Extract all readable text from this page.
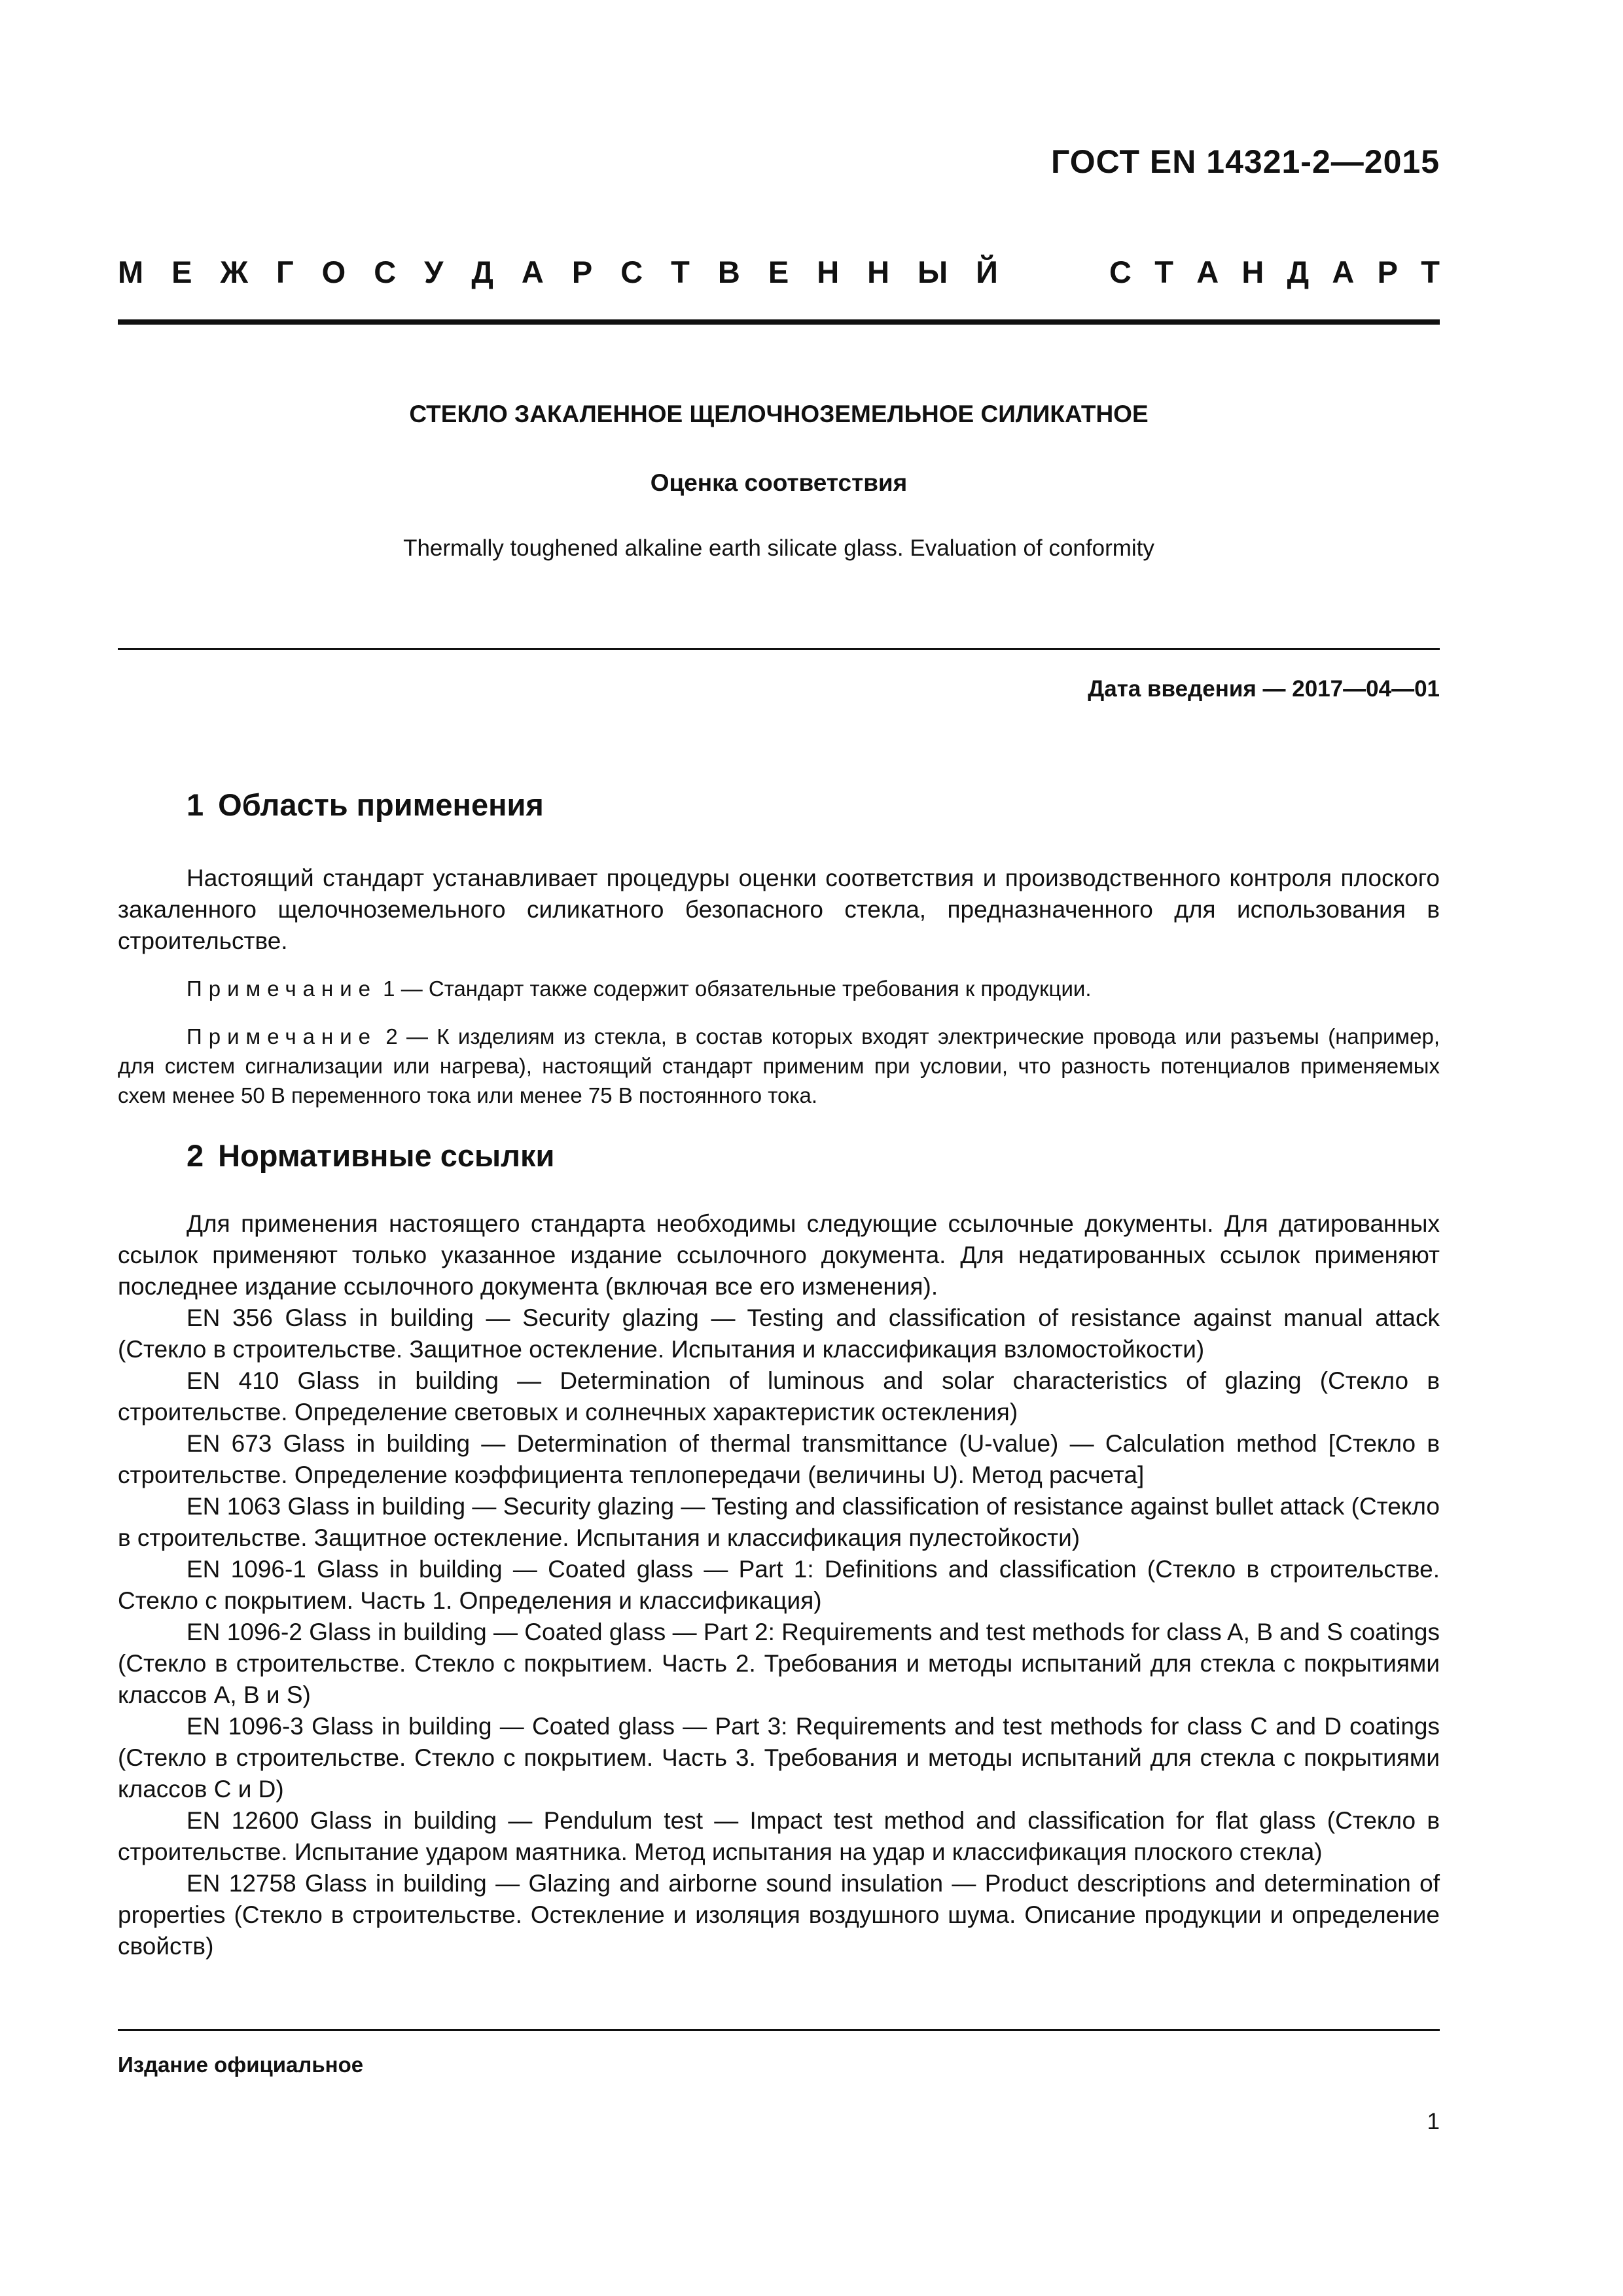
ГОСТ EN 14321-2—2015
М Е Ж Г О С У Д А Р С Т В Е Н Н Ы Й	С Т А Н Д А Р Т
СТЕКЛО ЗАКАЛЕННОЕ ЩЕЛОЧНОЗЕМЕЛЬНОЕ СИЛИКАТНОЕ
Оценка соответствия
Thermally toughened alkaline earth silicate glass. Evaluation of conformity
Дата введения — 2017—04—01
1 Область применения

Настоящий стандарт устанавливает процедуры оценки соответствия и производственного контроля плоского закаленного щелочноземельного силикатного безопасного стекла, предназначенного для использования в строительстве.

Примечание 1 — Стандарт также содержит обязательные требования к продукции.

Примечание 2 — К изделиям из стекла, в состав которых входят электрические провода или разъемы (например, для систем сигнализации или нагрева), настоящий стандарт применим при условии, что разность потенциалов применяемых схем менее 50 В переменного тока или менее 75 В постоянного тока.

2 Нормативные ссылки

Для применения настоящего стандарта необходимы следующие ссылочные документы. Для датированных ссылок применяют только указанное издание ссылочного документа. Для недатированных ссылок применяют последнее издание ссылочного документа (включая все его изменения).

EN 356 Glass in building — Security glazing — Testing and classification of resistance against manual attack (Стекло в строительстве. Защитное остекление. Испытания и классификация взломостойкости)

EN 410 Glass in building — Determination of luminous and solar characteristics of glazing (Стекло в строительстве. Определение световых и солнечных характеристик остекления)

EN 673 Glass in building — Determination of thermal transmittance (U-value) — Calculation method [Стекло в строительстве. Определение коэффициента теплопередачи (величины U). Метод расчета]

EN 1063 Glass in building — Security glazing — Testing and classification of resistance against bullet attack (Стекло в строительстве. Защитное остекление. Испытания и классификация пулестойкости)

EN 1096-1 Glass in building — Coated glass — Part 1: Definitions and classification (Стекло в строительстве. Стекло с покрытием. Часть 1. Определения и классификация)

EN 1096-2 Glass in building — Coated glass — Part 2: Requirements and test methods for class A, B and S coatings (Стекло в строительстве. Стекло с покрытием. Часть 2. Требования и методы испытаний для стекла с покрытиями классов A, B и S)

EN 1096-3 Glass in building — Coated glass — Part 3: Requirements and test methods for class C and D coatings (Стекло в строительстве. Стекло с покрытием. Часть 3. Требования и методы испытаний для стекла с покрытиями классов C и D)

EN 12600 Glass in building — Pendulum test — Impact test method and classification for flat glass (Стекло в строительстве. Испытание ударом маятника. Метод испытания на удар и классификация плоского стекла)

EN 12758 Glass in building — Glazing and airborne sound insulation — Product descriptions and determination of properties (Стекло в строительстве. Остекление и изоляция воздушного шума. Описание продукции и определение свойств)

Издание официальное
1
